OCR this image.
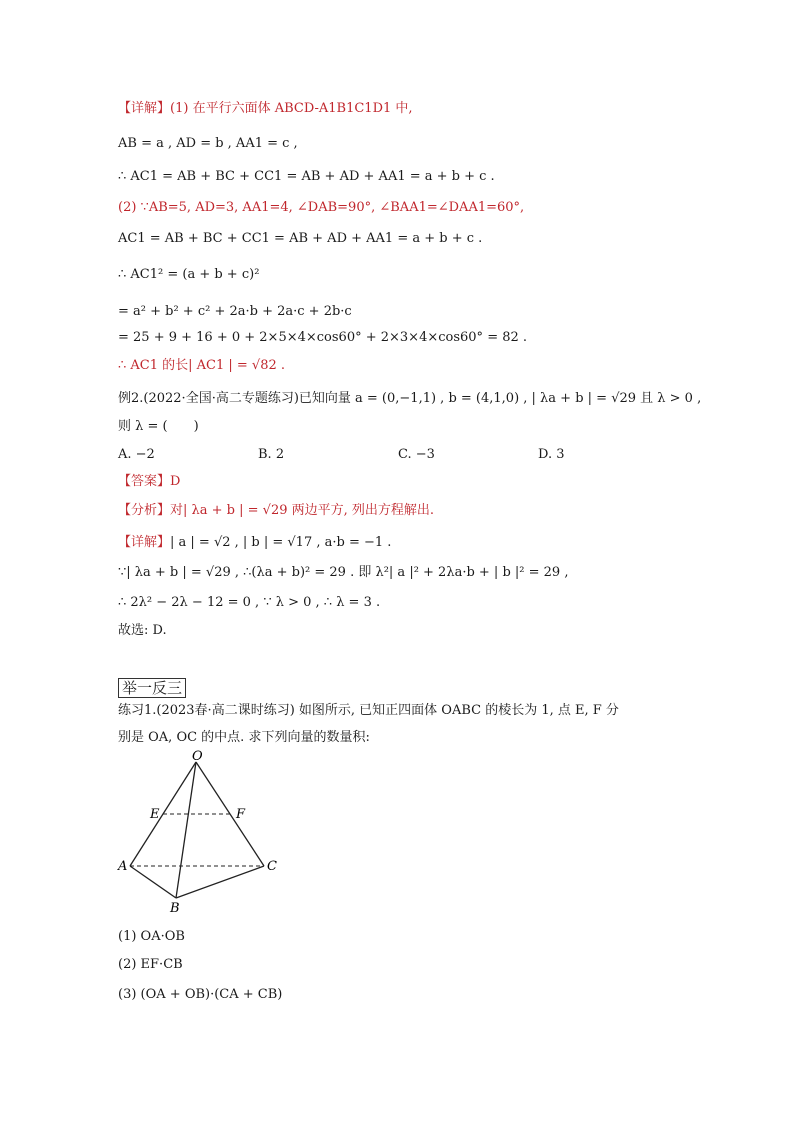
【详解】(1) 在平行六面体 ABCD-A1B1C1D1 中,
AB = a , AD = b , AA1 = c ,
∴ AC1 = AB + BC + CC1 = AB + AD + AA1 = a + b + c .
(2) ∵AB=5, AD=3, AA1=4, ∠DAB=90°, ∠BAA1=∠DAA1=60°,
AC1 = AB + BC + CC1 = AB + AD + AA1 = a + b + c .
∴ AC1² = (a + b + c)²
= a² + b² + c² + 2a·b + 2a·c + 2b·c
= 25 + 9 + 16 + 0 + 2×5×4×cos60° + 2×3×4×cos60° = 82 .
∴ AC1 的长| AC1 | = √82 .
例2.(2022·全国·高二专题练习)已知向量 a = (0,−1,1) , b = (4,1,0) , | λa + b | = √29 且 λ > 0 ,
则 λ = (　　)
A. −2	B. 2	C. −3	D. 3
【答案】D
【分析】对| λa + b | = √29 两边平方, 列出方程解出.
【详解】| a | = √2 , | b | = √17 , a·b = −1 .
∵| λa + b | = √29 , ∴(λa + b)² = 29 . 即 λ²| a |² + 2λa·b + | b |² = 29 ,
∴ 2λ² − 2λ − 12 = 0 , ∵ λ > 0 , ∴ λ = 3 .
故选: D.
举一反三
练习1.(2023春·高二课时练习) 如图所示, 已知正四面体 OABC 的棱长为 1, 点 E, F 分
别是 OA, OC 的中点. 求下列向量的数量积:
O
E	F
A
B
C
(1) OA·OB
(2) EF·CB
(3) (OA + OB)·(CA + CB)
